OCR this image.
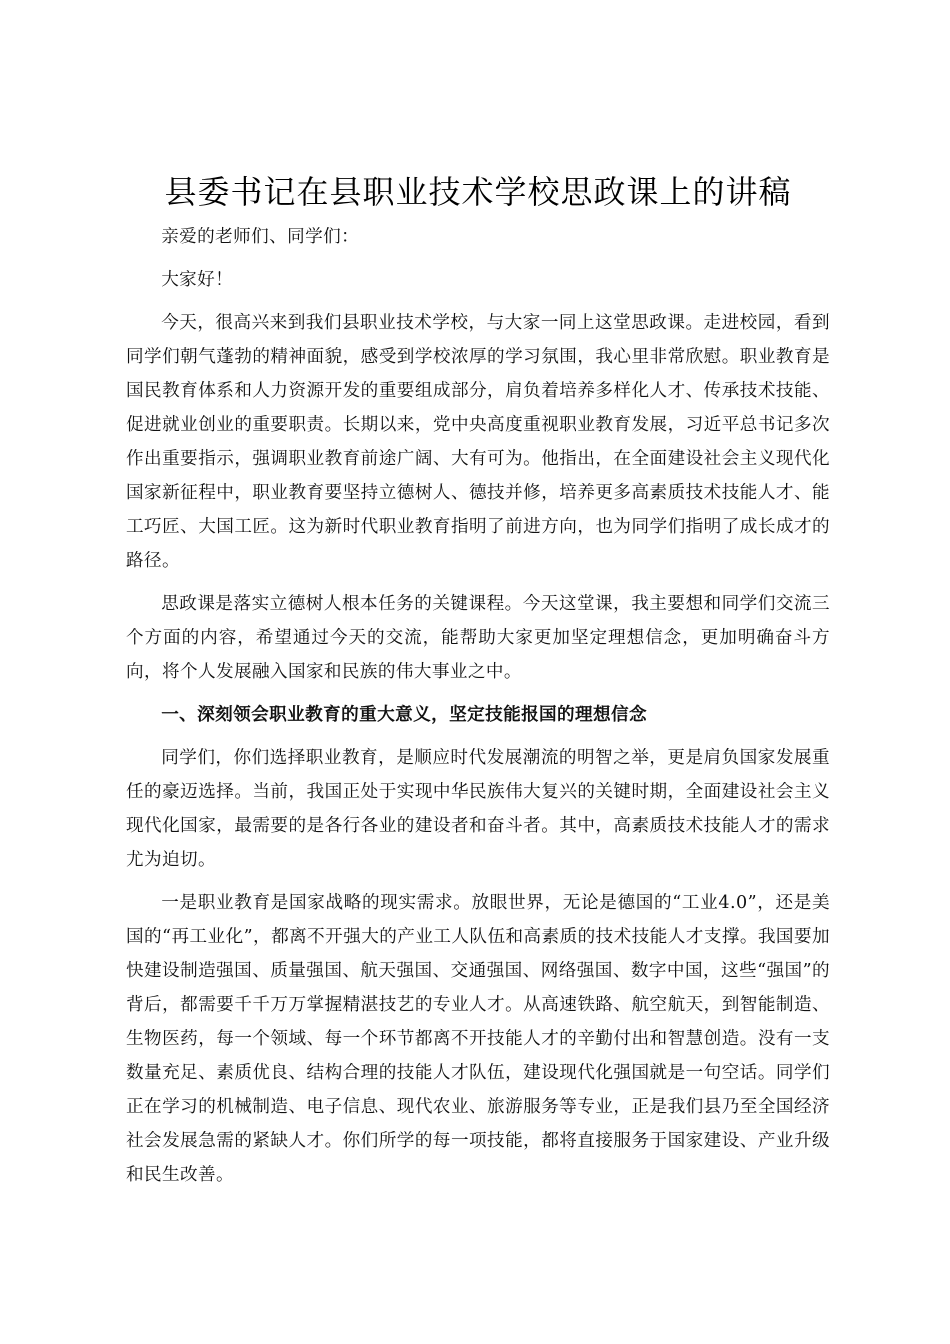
县委书记在县职业技术学校思政课上的讲稿

亲爱的老师们、同学们：

大家好！

今天，很高兴来到我们县职业技术学校，与大家一同上这堂思政课。走进校园，看到同学们朝气蓬勃的精神面貌，感受到学校浓厚的学习氛围，我心里非常欣慰。职业教育是国民教育体系和人力资源开发的重要组成部分，肩负着培养多样化人才、传承技术技能、促进就业创业的重要职责。长期以来，党中央高度重视职业教育发展，习近平总书记多次作出重要指示，强调职业教育前途广阔、大有可为。他指出，在全面建设社会主义现代化国家新征程中，职业教育要坚持立德树人、德技并修，培养更多高素质技术技能人才、能工巧匠、大国工匠。这为新时代职业教育指明了前进方向，也为同学们指明了成长成才的路径。

思政课是落实立德树人根本任务的关键课程。今天这堂课，我主要想和同学们交流三个方面的内容，希望通过今天的交流，能帮助大家更加坚定理想信念，更加明确奋斗方向，将个人发展融入国家和民族的伟大事业之中。

一、深刻领会职业教育的重大意义，坚定技能报国的理想信念

同学们，你们选择职业教育，是顺应时代发展潮流的明智之举，更是肩负国家发展重任的豪迈选择。当前，我国正处于实现中华民族伟大复兴的关键时期，全面建设社会主义现代化国家，最需要的是各行各业的建设者和奋斗者。其中，高素质技术技能人才的需求尤为迫切。

一是职业教育是国家战略的现实需求。放眼世界，无论是德国的“工业4.0”，还是美国的“再工业化”，都离不开强大的产业工人队伍和高素质的技术技能人才支撑。我国要加快建设制造强国、质量强国、航天强国、交通强国、网络强国、数字中国，这些“强国”的背后，都需要千千万万掌握精湛技艺的专业人才。从高速铁路、航空航天，到智能制造、生物医药，每一个领域、每一个环节都离不开技能人才的辛勤付出和智慧创造。没有一支数量充足、素质优良、结构合理的技能人才队伍，建设现代化强国就是一句空话。同学们正在学习的机械制造、电子信息、现代农业、旅游服务等专业，正是我们县乃至全国经济社会发展急需的紧缺人才。你们所学的每一项技能，都将直接服务于国家建设、产业升级和民生改善。
